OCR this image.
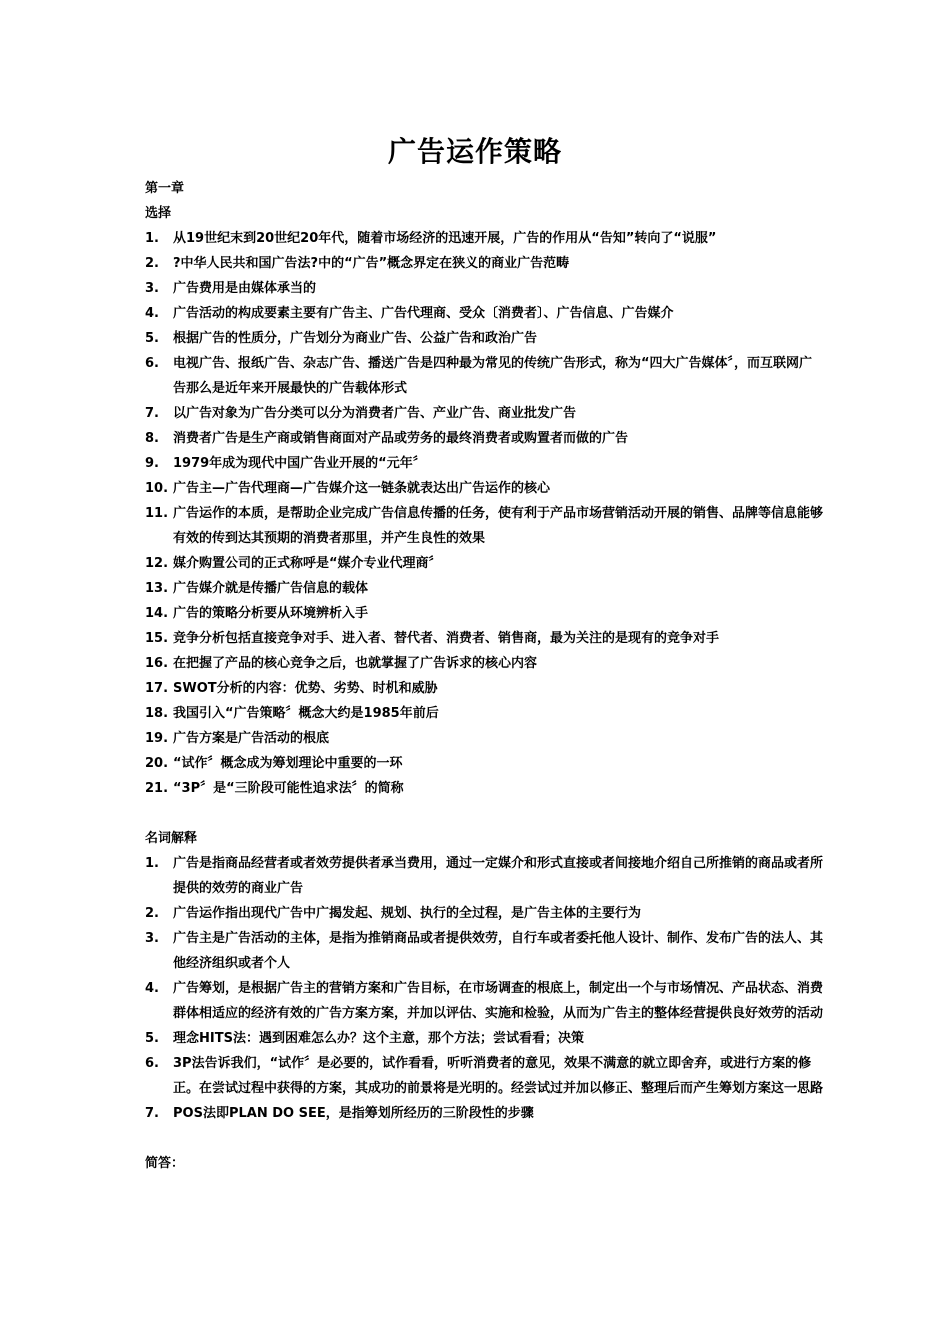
广告运作策略
第一章
选择
1. 从19世纪末到20世纪20年代，随着市场经济的迅速开展，广告的作用从“告知”转向了“说服”
2. ?中华人民共和国广告法?中的“广告”概念界定在狭义的商业广告范畴
3. 广告费用是由媒体承当的
4. 广告活动的构成要素主要有广告主、广告代理商、受众〔消费者〕、广告信息、广告媒介
5. 根据广告的性质分，广告划分为商业广告、公益广告和政治广告
6. 电视广告、报纸广告、杂志广告、播送广告是四种最为常见的传统广告形式，称为“四大广告媒体〞，而互联网广告那么是近年来开展最快的广告载体形式
7. 以广告对象为广告分类可以分为消费者广告、产业广告、商业批发广告
8. 消费者广告是生产商或销售商面对产品或劳务的最终消费者或购置者而做的广告
9. 1979年成为现代中国广告业开展的“元年〞
10. 广告主—广告代理商—广告媒介这一链条就表达出广告运作的核心
11. 广告运作的本质，是帮助企业完成广告信息传播的任务，使有利于产品市场营销活动开展的销售、品牌等信息能够有效的传到达其预期的消费者那里，并产生良性的效果
12. 媒介购置公司的正式称呼是“媒介专业代理商〞
13. 广告媒介就是传播广告信息的载体
14. 广告的策略分析要从环境辨析入手
15. 竞争分析包括直接竞争对手、进入者、替代者、消费者、销售商，最为关注的是现有的竞争对手
16. 在把握了产品的核心竞争之后，也就掌握了广告诉求的核心内容
17. SWOT分析的内容：优势、劣势、时机和威胁
18. 我国引入“广告策略〞概念大约是1985年前后
19. 广告方案是广告活动的根底
20. “试作〞概念成为筹划理论中重要的一环
21. “3P〞是“三阶段可能性追求法〞的简称
名词解释
1. 广告是指商品经营者或者效劳提供者承当费用，通过一定媒介和形式直接或者间接地介绍自己所推销的商品或者所提供的效劳的商业广告
2. 广告运作指出现代广告中广揭发起、规划、执行的全过程，是广告主体的主要行为
3. 广告主是广告活动的主体，是指为推销商品或者提供效劳，自行车或者委托他人设计、制作、发布广告的法人、其他经济组织或者个人
4. 广告筹划，是根据广告主的营销方案和广告目标，在市场调查的根底上，制定出一个与市场情况、产品状态、消费群体相适应的经济有效的广告方案方案，并加以评估、实施和检验，从而为广告主的整体经营提供良好效劳的活动
5. 理念HITS法：遇到困难怎么办？这个主意，那个方法；尝试看看；决策
6. 3P法告诉我们，“试作〞是必要的，试作看看，听听消费者的意见，效果不满意的就立即舍弃，或进行方案的修正。在尝试过程中获得的方案，其成功的前景将是光明的。经尝试过并加以修正、整理后而产生筹划方案这一思路
7. POS法即PLAN DO SEE，是指筹划所经历的三阶段性的步骤
简答：
